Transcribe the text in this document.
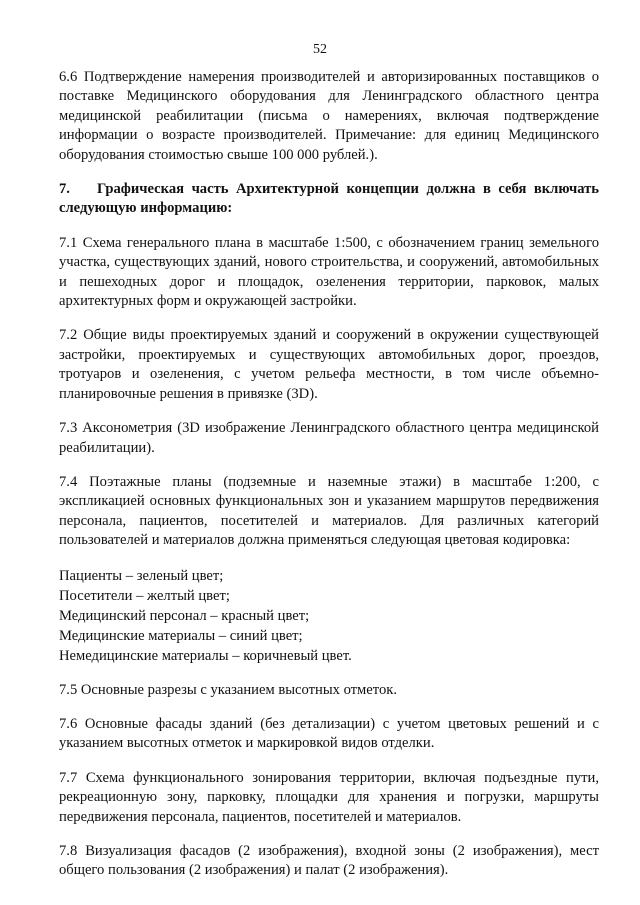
52

6.6 Подтверждение намерения производителей и авторизированных поставщиков о поставке Медицинского оборудования для Ленинградского областного центра медицинской реабилитации (письма о намерениях, включая подтверждение информации о возрасте производителей. Примечание: для единиц Медицинского оборудования стоимостью свыше 100 000 рублей.).

7. Графическая часть Архитектурной концепции должна в себя включать следующую информацию:

7.1 Схема генерального плана в масштабе 1:500, с обозначением границ земельного участка, существующих зданий, нового строительства, и сооружений, автомобильных и пешеходных дорог и площадок, озеленения территории, парковок, малых архитектурных форм и окружающей застройки.

7.2 Общие виды проектируемых зданий и сооружений в окружении существующей застройки, проектируемых и существующих автомобильных дорог, проездов, тротуаров и озеленения, с учетом рельефа местности, в том числе объемно-планировочные решения в привязке (3D).

7.3 Аксонометрия (3D изображение Ленинградского областного центра медицинской реабилитации).

7.4 Поэтажные планы (подземные и наземные этажи) в масштабе 1:200, с экспликацией основных функциональных зон и указанием маршрутов передвижения персонала, пациентов, посетителей и материалов. Для различных категорий пользователей и материалов должна применяться следующая цветовая кодировка:

Пациенты – зеленый цвет;
Посетители – желтый цвет;
Медицинский персонал – красный цвет;
Медицинские материалы – синий цвет;
Немедицинские материалы – коричневый цвет.

7.5 Основные разрезы с указанием высотных отметок.

7.6 Основные фасады зданий (без детализации) с учетом цветовых решений и с указанием высотных отметок и маркировкой видов отделки.

7.7 Схема функционального зонирования территории, включая подъездные пути, рекреационную зону, парковку, площадки для хранения и погрузки, маршруты передвижения персонала, пациентов, посетителей и материалов.

7.8 Визуализация фасадов (2 изображения), входной зоны (2 изображения), мест общего пользования (2 изображения) и палат (2 изображения).
